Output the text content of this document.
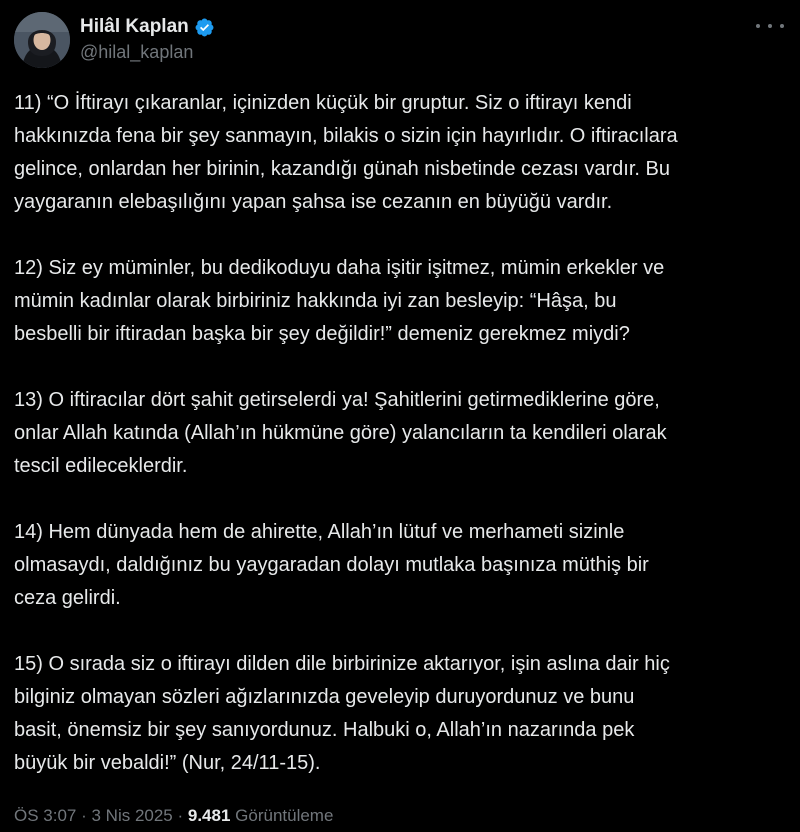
Hilâl Kaplan
@hilal_kaplan

11) “O İftirayı çıkaranlar, içinizden küçük bir gruptur. Siz o iftirayı kendi
hakkınızda fena bir şey sanmayın, bilakis o sizin için hayırlıdır. O iftiracılara
gelince, onlardan her birinin, kazandığı günah nisbetinde cezası vardır. Bu
yaygaranın elebaşılığını yapan şahsa ise cezanın en büyüğü vardır.

12) Siz ey müminler, bu dedikoduyu daha işitir işitmez, mümin erkekler ve
mümin kadınlar olarak birbiriniz hakkında iyi zan besleyip: “Hâşa, bu
besbelli bir iftiradan başka bir şey değildir!” demeniz gerekmez miydi?

13) O iftiracılar dört şahit getirselerdi ya! Şahitlerini getirmediklerine göre,
onlar Allah katında (Allah’ın hükmüne göre) yalancıların ta kendileri olarak
tescil edileceklerdir.

14) Hem dünyada hem de ahirette, Allah’ın lütuf ve merhameti sizinle
olmasaydı, daldığınız bu yaygaradan dolayı mutlaka başınıza müthiş bir
ceza gelirdi.

15) O sırada siz o iftirayı dilden dile birbirinize aktarıyor, işin aslına dair hiç
bilginiz olmayan sözleri ağızlarınızda geveleyip duruyordunuz ve bunu
basit, önemsiz bir şey sanıyordunuz. Halbuki o, Allah’ın nazarında pek
büyük bir vebaldi!” (Nur, 24/11-15).

ÖS 3:07 · 3 Nis 2025 · 9.481 Görüntüleme
